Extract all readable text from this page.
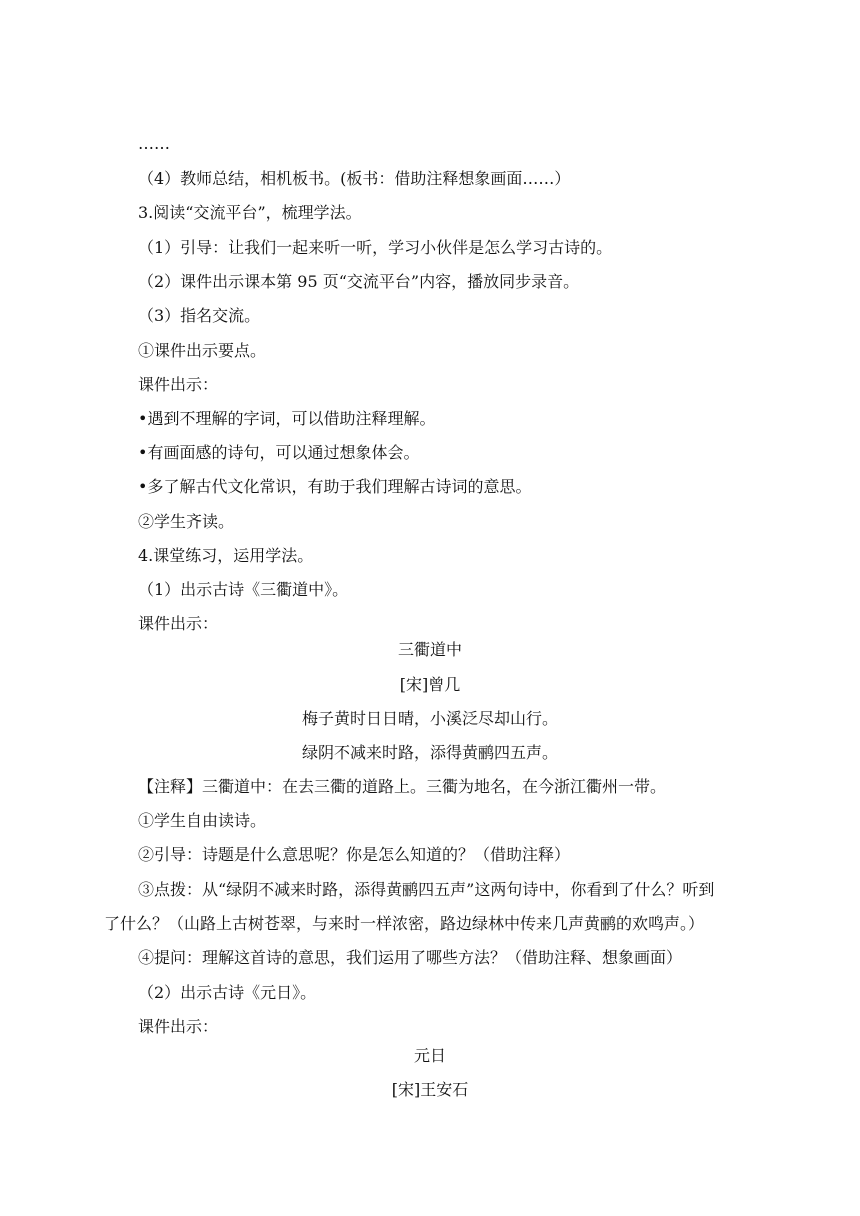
……
（4）教师总结，相机板书。(板书：借助注释想象画面……）
3.阅读“交流平台”，梳理学法。
（1）引导：让我们一起来听一听，学习小伙伴是怎么学习古诗的。
（2）课件出示课本第 95 页“交流平台”内容，播放同步录音。
（3）指名交流。
①课件出示要点。
课件出示：
•遇到不理解的字词，可以借助注释理解。
•有画面感的诗句，可以通过想象体会。
•多了解古代文化常识，有助于我们理解古诗词的意思。
②学生齐读。
4.课堂练习，运用学法。
（1）出示古诗《三衢道中》。
课件出示：
三衢道中
[宋]曾几
梅子黄时日日晴，小溪泛尽却山行。
绿阴不减来时路，添得黄鹂四五声。
【注释】三衢道中：在去三衢的道路上。三衢为地名，在今浙江衢州一带。
①学生自由读诗。
②引导：诗题是什么意思呢？你是怎么知道的？（借助注释）
③点拨：从“绿阴不减来时路，添得黄鹂四五声”这两句诗中，你看到了什么？听到
了什么？（山路上古树苍翠，与来时一样浓密，路边绿林中传来几声黄鹂的欢鸣声。）
④提问：理解这首诗的意思，我们运用了哪些方法？（借助注释、想象画面）
（2）出示古诗《元日》。
课件出示：
元日
[宋]王安石
